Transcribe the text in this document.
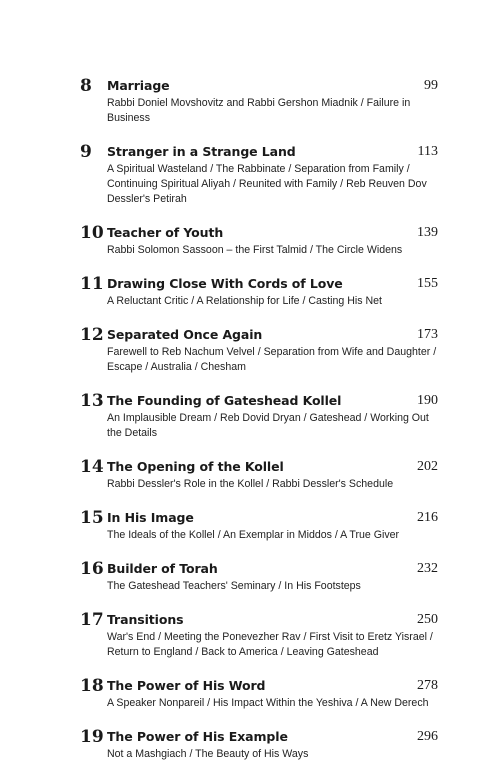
8	Marriage	99
Rabbi Doniel Movshovitz and Rabbi Gershon Miadnik / Failure in Business
9	Stranger in a Strange Land	113
A Spiritual Wasteland / The Rabbinate / Separation from Family / Continuing Spiritual Aliyah / Reunited with Family / Reb Reuven Dov Dessler's Petirah
10 Teacher of Youth	139
Rabbi Solomon Sassoon – the First Talmid / The Circle Widens
11 Drawing Close With Cords of Love	155
A Reluctant Critic / A Relationship for Life / Casting His Net
12 Separated Once Again	173
Farewell to Reb Nachum Velvel / Separation from Wife and Daughter / Escape / Australia / Chesham
13 The Founding of Gateshead Kollel	190
An Implausible Dream / Reb Dovid Dryan / Gateshead / Working Out the Details
14 The Opening of the Kollel	202
Rabbi Dessler's Role in the Kollel / Rabbi Dessler's Schedule
15 In His Image	216
The Ideals of the Kollel / An Exemplar in Middos / A True Giver
16 Builder of Torah	232
The Gateshead Teachers' Seminary / In His Footsteps
17 Transitions	250
War's End / Meeting the Ponevezher Rav / First Visit to Eretz Yisrael / Return to England / Back to America / Leaving Gateshead
18 The Power of His Word	278
A Speaker Nonpareil / His Impact Within the Yeshiva / A New Derech
19 The Power of His Example	296
Not a Mashgiach / The Beauty of His Ways
